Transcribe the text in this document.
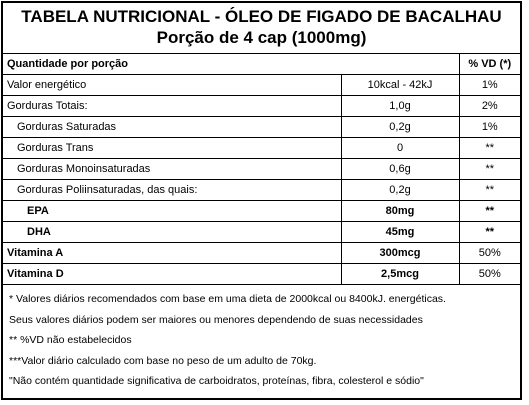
TABELA NUTRICIONAL - ÓLEO DE FIGADO DE BACALHAU
Porção de 4 cap (1000mg)
Quantidade por porção		% VD (*)
Valor energético	10kcal - 42kJ	1%
Gorduras Totais:	1,0g	2%
Gorduras Saturadas	0,2g	1%
Gorduras Trans	0	**
Gorduras Monoinsaturadas	0,6g	**
Gorduras Poliinsaturadas, das quais:	0,2g	**
EPA	80mg	**
DHA	45mg	**
Vitamina A	300mcg	50%
Vitamina D	2,5mcg	50%
* Valores diários recomendados com base em uma dieta de 2000kcal ou 8400kJ. energéticas.
Seus valores diários podem ser maiores ou menores dependendo de suas necessidades
** %VD não estabelecidos
***Valor diário calculado com base no peso de um adulto de 70kg.
"Não contém quantidade significativa de carboidratos, proteínas, fibra, colesterol e sódio"
